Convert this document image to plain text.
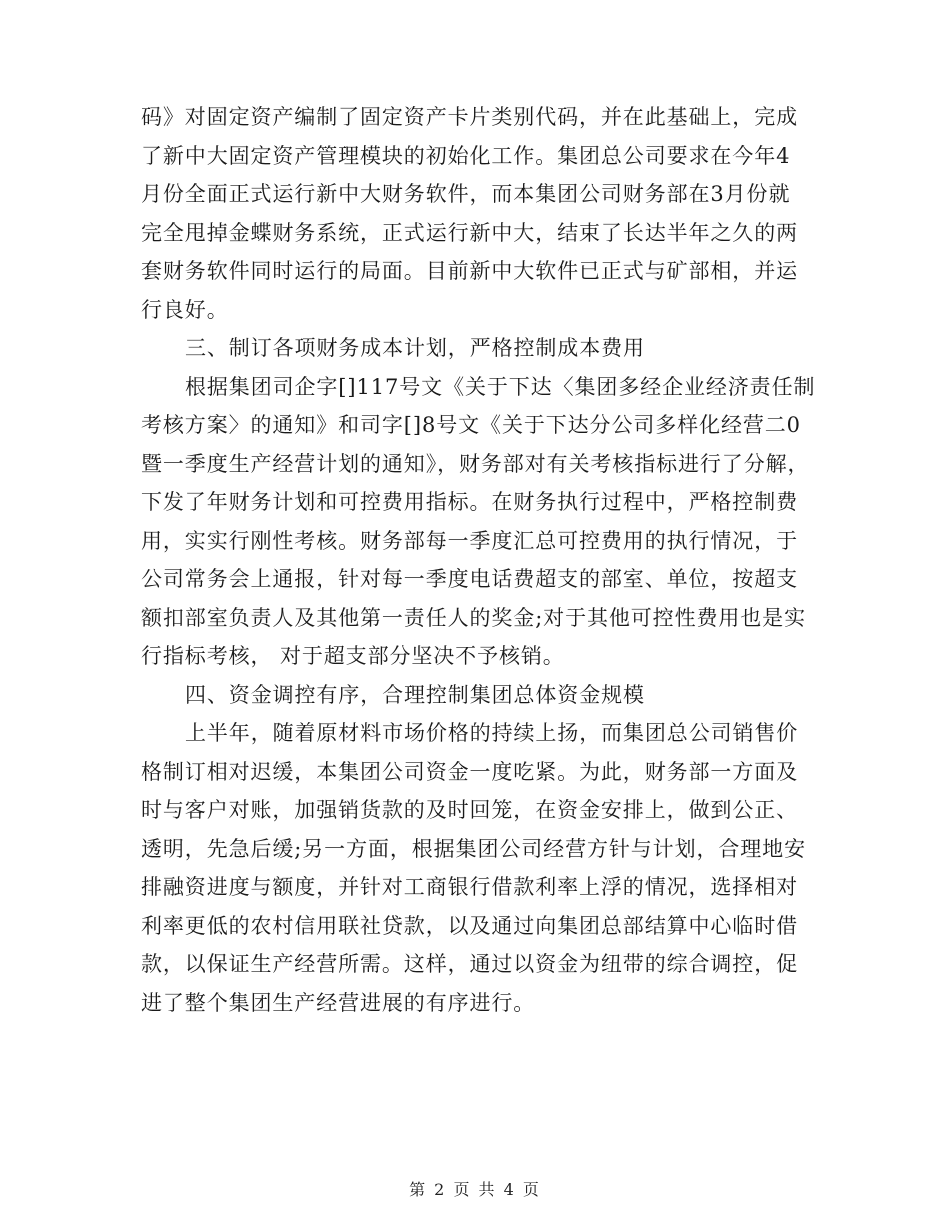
码》对固定资产编制了固定资产卡片类别代码，并在此基础上，完成
了新中大固定资产管理模块的初始化工作。集团总公司要求在今年4
月份全面正式运行新中大财务软件，而本集团公司财务部在3月份就
完全甩掉金蝶财务系统，正式运行新中大，结束了长达半年之久的两
套财务软件同时运行的局面。目前新中大软件已正式与矿部相，并运
行良好。
三、制订各项财务成本计划，严格控制成本费用
根据集团司企字[]117号文《关于下达〈集团多经企业经济责任制
考核方案〉的通知》和司字[]8号文《关于下达分公司多样化经营二0
暨一季度生产经营计划的通知》，财务部对有关考核指标进行了分解，
下发了年财务计划和可控费用指标。在财务执行过程中，严格控制费
用，实实行刚性考核。财务部每一季度汇总可控费用的执行情况，于
公司常务会上通报，针对每一季度电话费超支的部室、单位，按超支
额扣部室负责人及其他第一责任人的奖金;对于其他可控性费用也是实
行指标考核， 对于超支部分坚决不予核销。
四、资金调控有序，合理控制集团总体资金规模
上半年，随着原材料市场价格的持续上扬，而集团总公司销售价
格制订相对迟缓，本集团公司资金一度吃紧。为此，财务部一方面及
时与客户对账，加强销货款的及时回笼，在资金安排上，做到公正、
透明，先急后缓;另一方面，根据集团公司经营方针与计划，合理地安
排融资进度与额度，并针对工商银行借款利率上浮的情况，选择相对
利率更低的农村信用联社贷款，以及通过向集团总部结算中心临时借
款，以保证生产经营所需。这样，通过以资金为纽带的综合调控，促
进了整个集团生产经营进展的有序进行。
第 2 页 共 4 页
